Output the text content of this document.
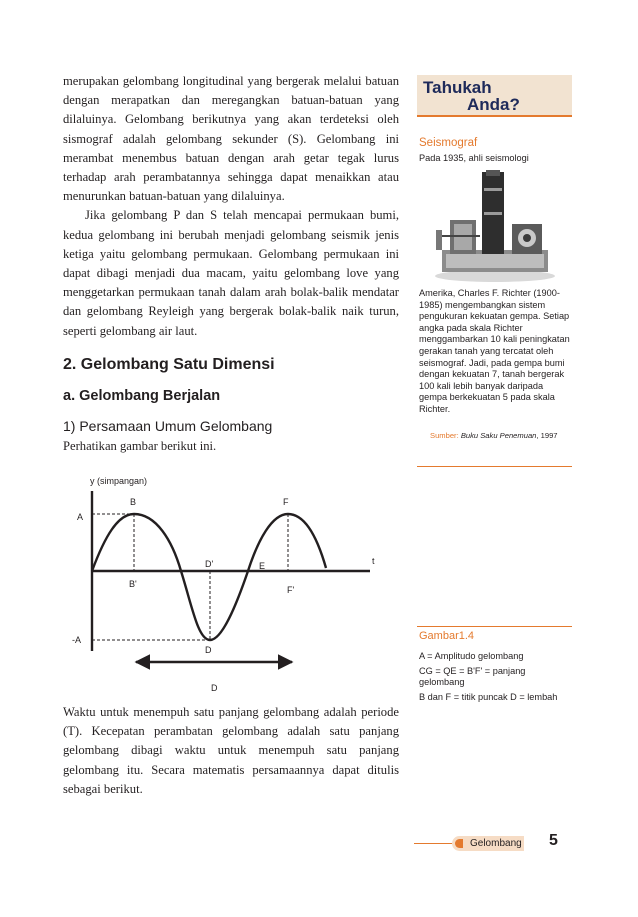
merupakan gelombang longitudinal yang bergerak melalui batuan dengan merapatkan dan meregangkan batuan-batuan yang dilaluinya. Gelombang berikutnya yang akan terdeteksi oleh sismograf adalah gelombang sekunder (S). Gelombang ini merambat menembus batuan dengan arah getar tegak lurus terhadap arah perambatannya sehingga dapat menaikkan atau menurunkan batuan-batuan yang dilaluinya.

Jika gelombang P dan S telah mencapai permukaan bumi, kedua gelombang ini berubah menjadi gelombang seismik jenis ketiga yaitu gelombang permukaan. Gelombang permukaan ini dapat dibagi menjadi dua macam, yaitu gelombang love yang menggetarkan permukaan tanah dalam arah bolak-balik mendatar dan gelombang Reyleigh yang bergerak bolak-balik naik turun, seperti gelombang air laut.

2. Gelombang Satu Dimensi
a. Gelombang Berjalan
1) Persamaan Umum Gelombang

Perhatikan gambar berikut ini.

y (simpangan)
A
-A
B
B'
F
F'
D'	E	t
D
D

Waktu untuk menempuh satu panjang gelombang adalah periode (T). Kecepatan perambatan gelombang adalah satu panjang gelombang dibagi waktu untuk menempuh satu panjang gelombang itu. Secara matematis persamaannya dapat ditulis sebagai berikut.

Tahukah
Anda?
Seismograf
Pada 1935, ahli seismologi
Amerika, Charles F. Richter (1900-1985) mengembangkan sistem pengukuran kekuatan gempa. Setiap angka pada skala Richter menggambarkan 10 kali peningkatan gerakan tanah yang tercatat oleh seismograf. Jadi, pada gempa bumi dengan kekuatan 7, tanah bergerak 100 kali lebih banyak daripada gempa berkekuatan 5 pada skala Richter.
Sumber: Buku Saku Penemuan, 1997
Gambar1.4
A = Amplitudo gelombang
CG = QE = B'F' = panjang gelombang
B dan F = titik puncak D = lembah
Gelombang 5
